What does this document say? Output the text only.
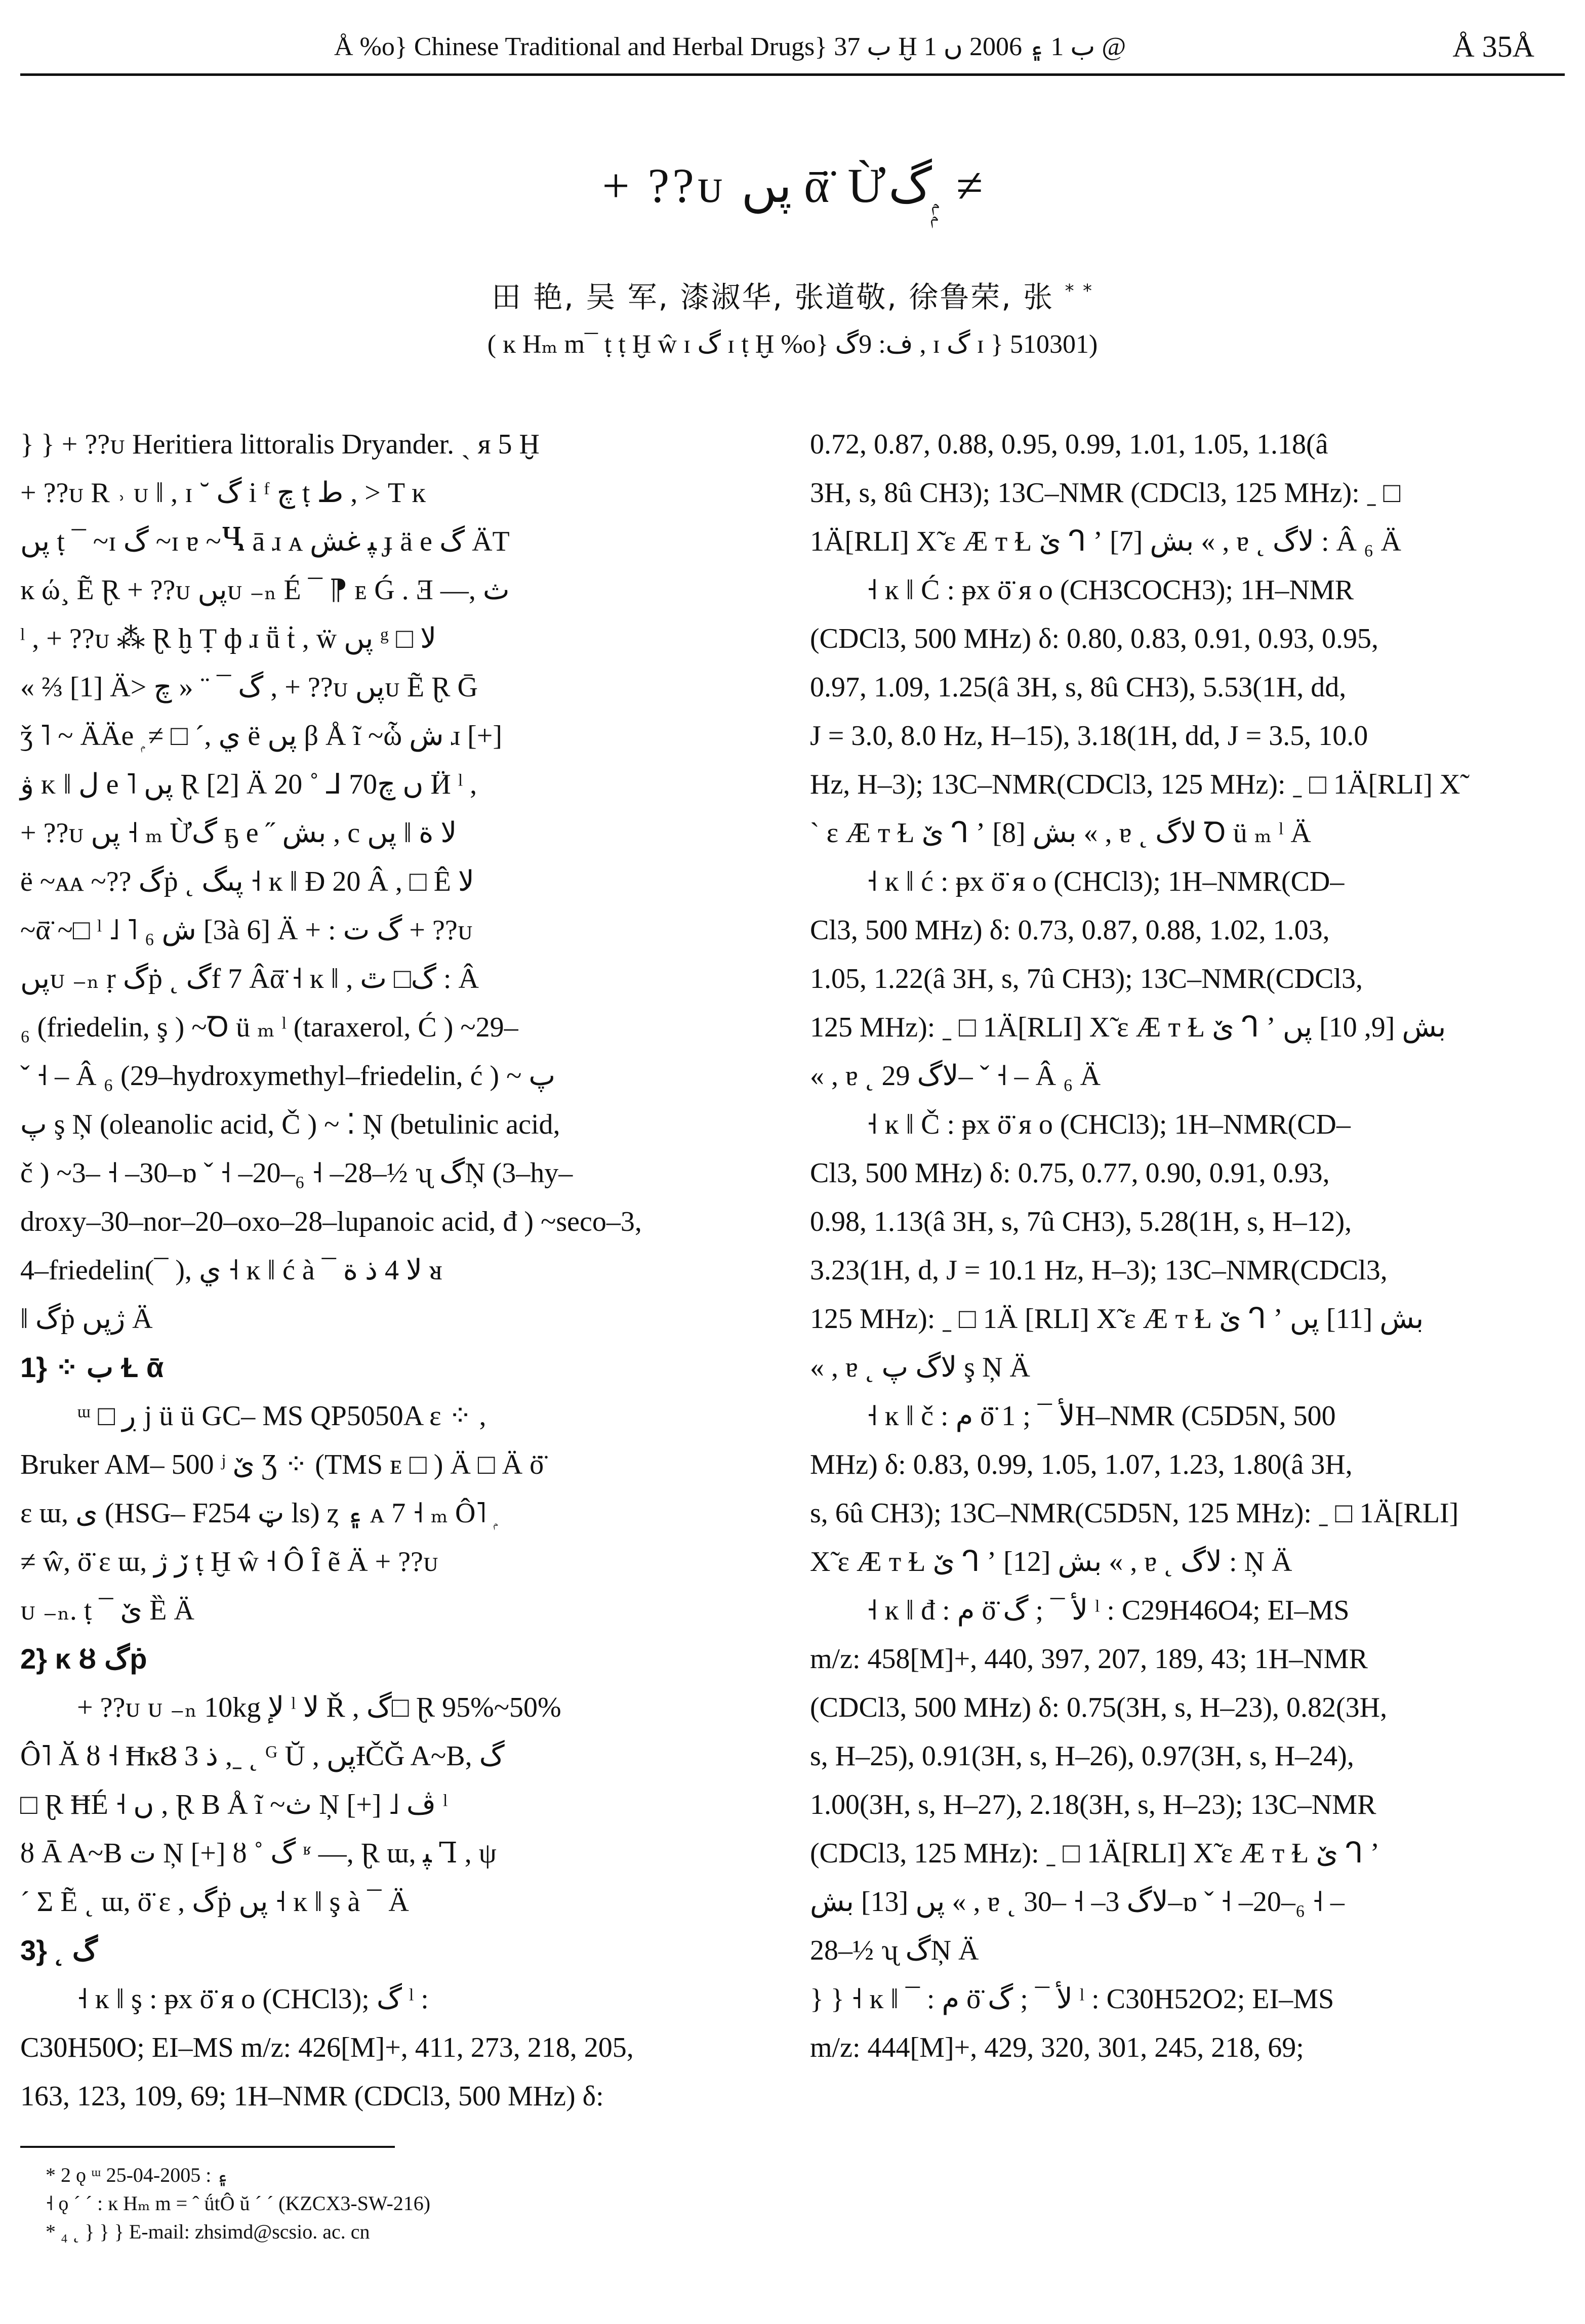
Å %o} Chinese Traditional and Herbal Drugs} ب 37 Ḫ ب 1 ۽ 2006 ں 1 @	Å 35Å
+ ??ᴜ پں ᾱ̈ Ừگ ۭۭ ≠
田 艳, 吴 军, 漆淑华, 张道敬, 徐鲁荣, 张 * *
( ĸ Hₘ m¯ ṭ ṭ Ḫ ŵ ɪ گ ɪ ṭ Ḫ %o} ف: 9گ , ɪ گ ɪ } 510301)

} } + ??ᴜ Heritiera littoralis Dryander. ˏ ᴙ 5 Ḫ

+ ??ᴜ R ˒ ᴜ ‖ , ɪ ˘ گ i ᶠ چ ṭ ط , > T ĸ

پں ṭ ¯ ~ɪ گ ~ɪ ɐ ~Ⴁ ā ɹ ᴀ ﭙ غش ɟ ä e گ ÄT

ĸ ώ¸ Ẽ Ɽ + ??ᴜ پںᴜ ₋ₙ É ¯ ⁋ ᴇ Ǵ . Ǝ —, ث

ˡ , + ??ᴜ ⁂ Ɽ ḫ Ṭ ф ɹ ṻ ṫ , ẅ پں ᵍ □ لا

« ⅔ [1] Ä> گ ¯ ¨ « چ , + ??ᴜ پںᴜ Ẽ Ɽ Ḡ

ǯ ˥ ~ ÄÄe ۭ ≠ □ ˊ, ي ë پں β Å ĩ ~ὧ ش ɹ [+]

ۋ ᴋ ‖ ل e ˥ پں Ɽ [2] Ä 20 ˚ ⅃ 70ں چ Ӥ ˡ ,

+ ??ᴜ پں ˧ ₘ Ừگ ҕ e ˝ بش , c لا ة ‖ پں

ë ~ᴀᴀ ~?? گṗ ˛ پںگ ˧ ĸ ‖ Ð 20 Â , □ Ê لا

~ᾱ̈ ~□ ˡ ˩ ˥ ₆ ش [3à 6] Ä + : گ ت + ??ᴜ

پںᴜ ₋ₙ ṛ گṗ ˛ گf 7 Âᾱ̈ ˧ ĸ ‖ , گ□ ٿ : Â

₆ (friedelin, ş ) ~Ꝺ ü ₘ ˡ (taraxerol, Ć ) ~29–

ˇ ˧ – Â ₆ (29–hydroxymethyl–friedelin, ć ) ~ پ

پ ş Ņ (oleanolic acid, Č ) ~ ⁚ Ņ (betulinic acid,

č ) ~3– ˧ –30–ɒ ˇ ˧ –20–₆ ˧ –28–½ ʯ گŅ (3–hy–

droxy–30–nor–20–oxo–28–lupanoic acid, đ ) ~seco–3,

4–friedelin(¯ ), ي ˧ ĸ ‖ ć à ¯ لا 4 ذ ة ᴚ

‖ گṗ ژپں Ä

1} ⁘ ب Ɫ ᾱ

ᵚ □ ڔ j ü ü GC– MS QP5050A ɛ ⁘ ,

Bruker AM– 500 ʲ ێ Ʒ ⁘ (TMS ᴇ □ ) Ä □ Ä ö̈

ɛ ɯ, ی (HSG– F254 ټ ls) ȥ ۽ ᴀ 7 ˧ ₘ Ô˥ ۭ

≠ ŵ, ö̈ ɛ ɯ, ڒ ژ ṭ Ḫ ŵ ˧ Ô Ȋ ẽ Ä + ??ᴜ

ᴜ ₋ₙ. ṭ ¯ ێ Ȅ Ä

2} ĸ ȣ گṗ

+ ??ᴜ ᴜ ₋ₙ 10kg لإ ˡ لا Ř , گ□ Ɽ 95%~50%

Ô˥ Ӑ ȣ ˧ ĦĸȢ 3 ذ ,ˍ ˛ ᴳ Ŭ , پںƗČĞ A~B, گ

□ Ɽ ĦÉ ˧ ں , Ɽ B Å ĩ ~ث Ņ [+] ˩ ڤ ˡ

ȣ Ā A~B ت Ņ [+] ȣ ˚ گ ʶ —, Ɽ ɯ, ﭙ Ꞁ , ψ

ˊ Σ Ẽ ˛ ɯ, ö̈ ɛ , گṗ پں ˧ ĸ ‖ ş à ¯ Ä

3} ˛ گ

˧ ĸ ‖ ş : ᵽx ö̈ ᴙ o (CHCl3); گ ˡ :

C30H50O; EI–MS m/z: 426[M]+, 411, 273, 218, 205,

163, 123, 109, 69; 1H–NMR (CDCl3, 500 MHz) δ:

0.72, 0.87, 0.88, 0.95, 0.99, 1.01, 1.05, 1.18(â

3H, s, 8û CH3); 13C–NMR (CDCl3, 125 MHz): ˍ □

1Ä[RLI] Χ̃ ɛ Æ ᴛ Ɫ ێ ᒉ ʼ بش [7] « , ɐ ˛ لاگ : Â ₆ Ä

˧ ĸ ‖ Ć : ᵽx ö̈ ᴙ o (CH3COCH3); 1H–NMR

(CDCl3, 500 MHz) δ: 0.80, 0.83, 0.91, 0.93, 0.95,

0.97, 1.09, 1.25(â 3H, s, 8û CH3), 5.53(1H, dd,

J = 3.0, 8.0 Hz, H–15), 3.18(1H, dd, J = 3.5, 10.0

Hz, H–3); 13C–NMR(CDCl3, 125 MHz): ˍ □ 1Ä[RLI] Χ̃

ˋ ɛ Æ ᴛ Ɫ ێ ᒉ ʼ بش [8] « , ɐ ˛ لاگ Ꝺ ü ₘ ˡ Ä

˧ ĸ ‖ ć : ᵽx ö̈ ᴙ o (CHCl3); 1H–NMR(CD–

Cl3, 500 MHz) δ: 0.73, 0.87, 0.88, 1.02, 1.03,

1.05, 1.22(â 3H, s, 7û CH3); 13C–NMR(CDCl3,

125 MHz): ˍ □ 1Ä[RLI] Χ̃ ɛ Æ ᴛ Ɫ ێ ᒉ ʼ بش [9, 10] پں

« , ɐ ˛ لاگ 29– ˇ ˧ – Â ₆ Ä

˧ ĸ ‖ Č : ᵽx ö̈ ᴙ o (CHCl3); 1H–NMR(CD–

Cl3, 500 MHz) δ: 0.75, 0.77, 0.90, 0.91, 0.93,

0.98, 1.13(â 3H, s, 7û CH3), 5.28(1H, s, H–12),

3.23(1H, d, J = 10.1 Hz, H–3); 13C–NMR(CDCl3,

125 MHz): ˍ □ 1Ä [RLI] Χ̃ ɛ Æ ᴛ Ɫ ێ ᒉ ʼ بش [11] پں

« , ɐ ˛ لاگ پ ş Ņ Ä

˧ ĸ ‖ č : م ö̈ لأ ¯ ; 1H–NMR (C5D5N, 500

MHz) δ: 0.83, 0.99, 1.05, 1.07, 1.23, 1.80(â 3H,

s, 6û CH3); 13C–NMR(C5D5N, 125 MHz): ˍ □ 1Ä[RLI]

Χ̃ ɛ Æ ᴛ Ɫ ێ ᒉ ʼ بش [12] « , ɐ ˛ لاگ : Ņ Ä

˧ ĸ ‖ đ : م ö̈ لأ ¯ ; گ ˡ : C29H46O4; EI–MS

m/z: 458[M]+, 440, 397, 207, 189, 43; 1H–NMR

(CDCl3, 500 MHz) δ: 0.75(3H, s, H–23), 0.82(3H,

s, H–25), 0.91(3H, s, H–26), 0.97(3H, s, H–24),

1.00(3H, s, H–27), 2.18(3H, s, H–23); 13C–NMR

(CDCl3, 125 MHz): ˍ □ 1Ä[RLI] Χ̃ ɛ Æ ᴛ Ɫ ێ ᒉ ʼ

پں [13] بش « , ɐ ˛ لاگ 3– ˧ –30–ɒ ˇ ˧ –20–₆ ˧ –

28–½ ʯ گŅ Ä

} } ˧ ĸ ‖ ¯ : م ö̈ لأ ¯ ; گ ˡ : C30H52O2; EI–MS

m/z: 444[M]+, 429, 320, 301, 245, 218, 69;

* 2 ǫ ᵚ ۽ : 2005-04-25

˧ ǫ ˊ ˊ : ĸ Hₘ m = ˆ ǘtÔ ŭ ˊ ˊ (KZCX3-SW-216)

* ₄ ˛ } } } E-mail: zhsimd@scsio. ac. cn
